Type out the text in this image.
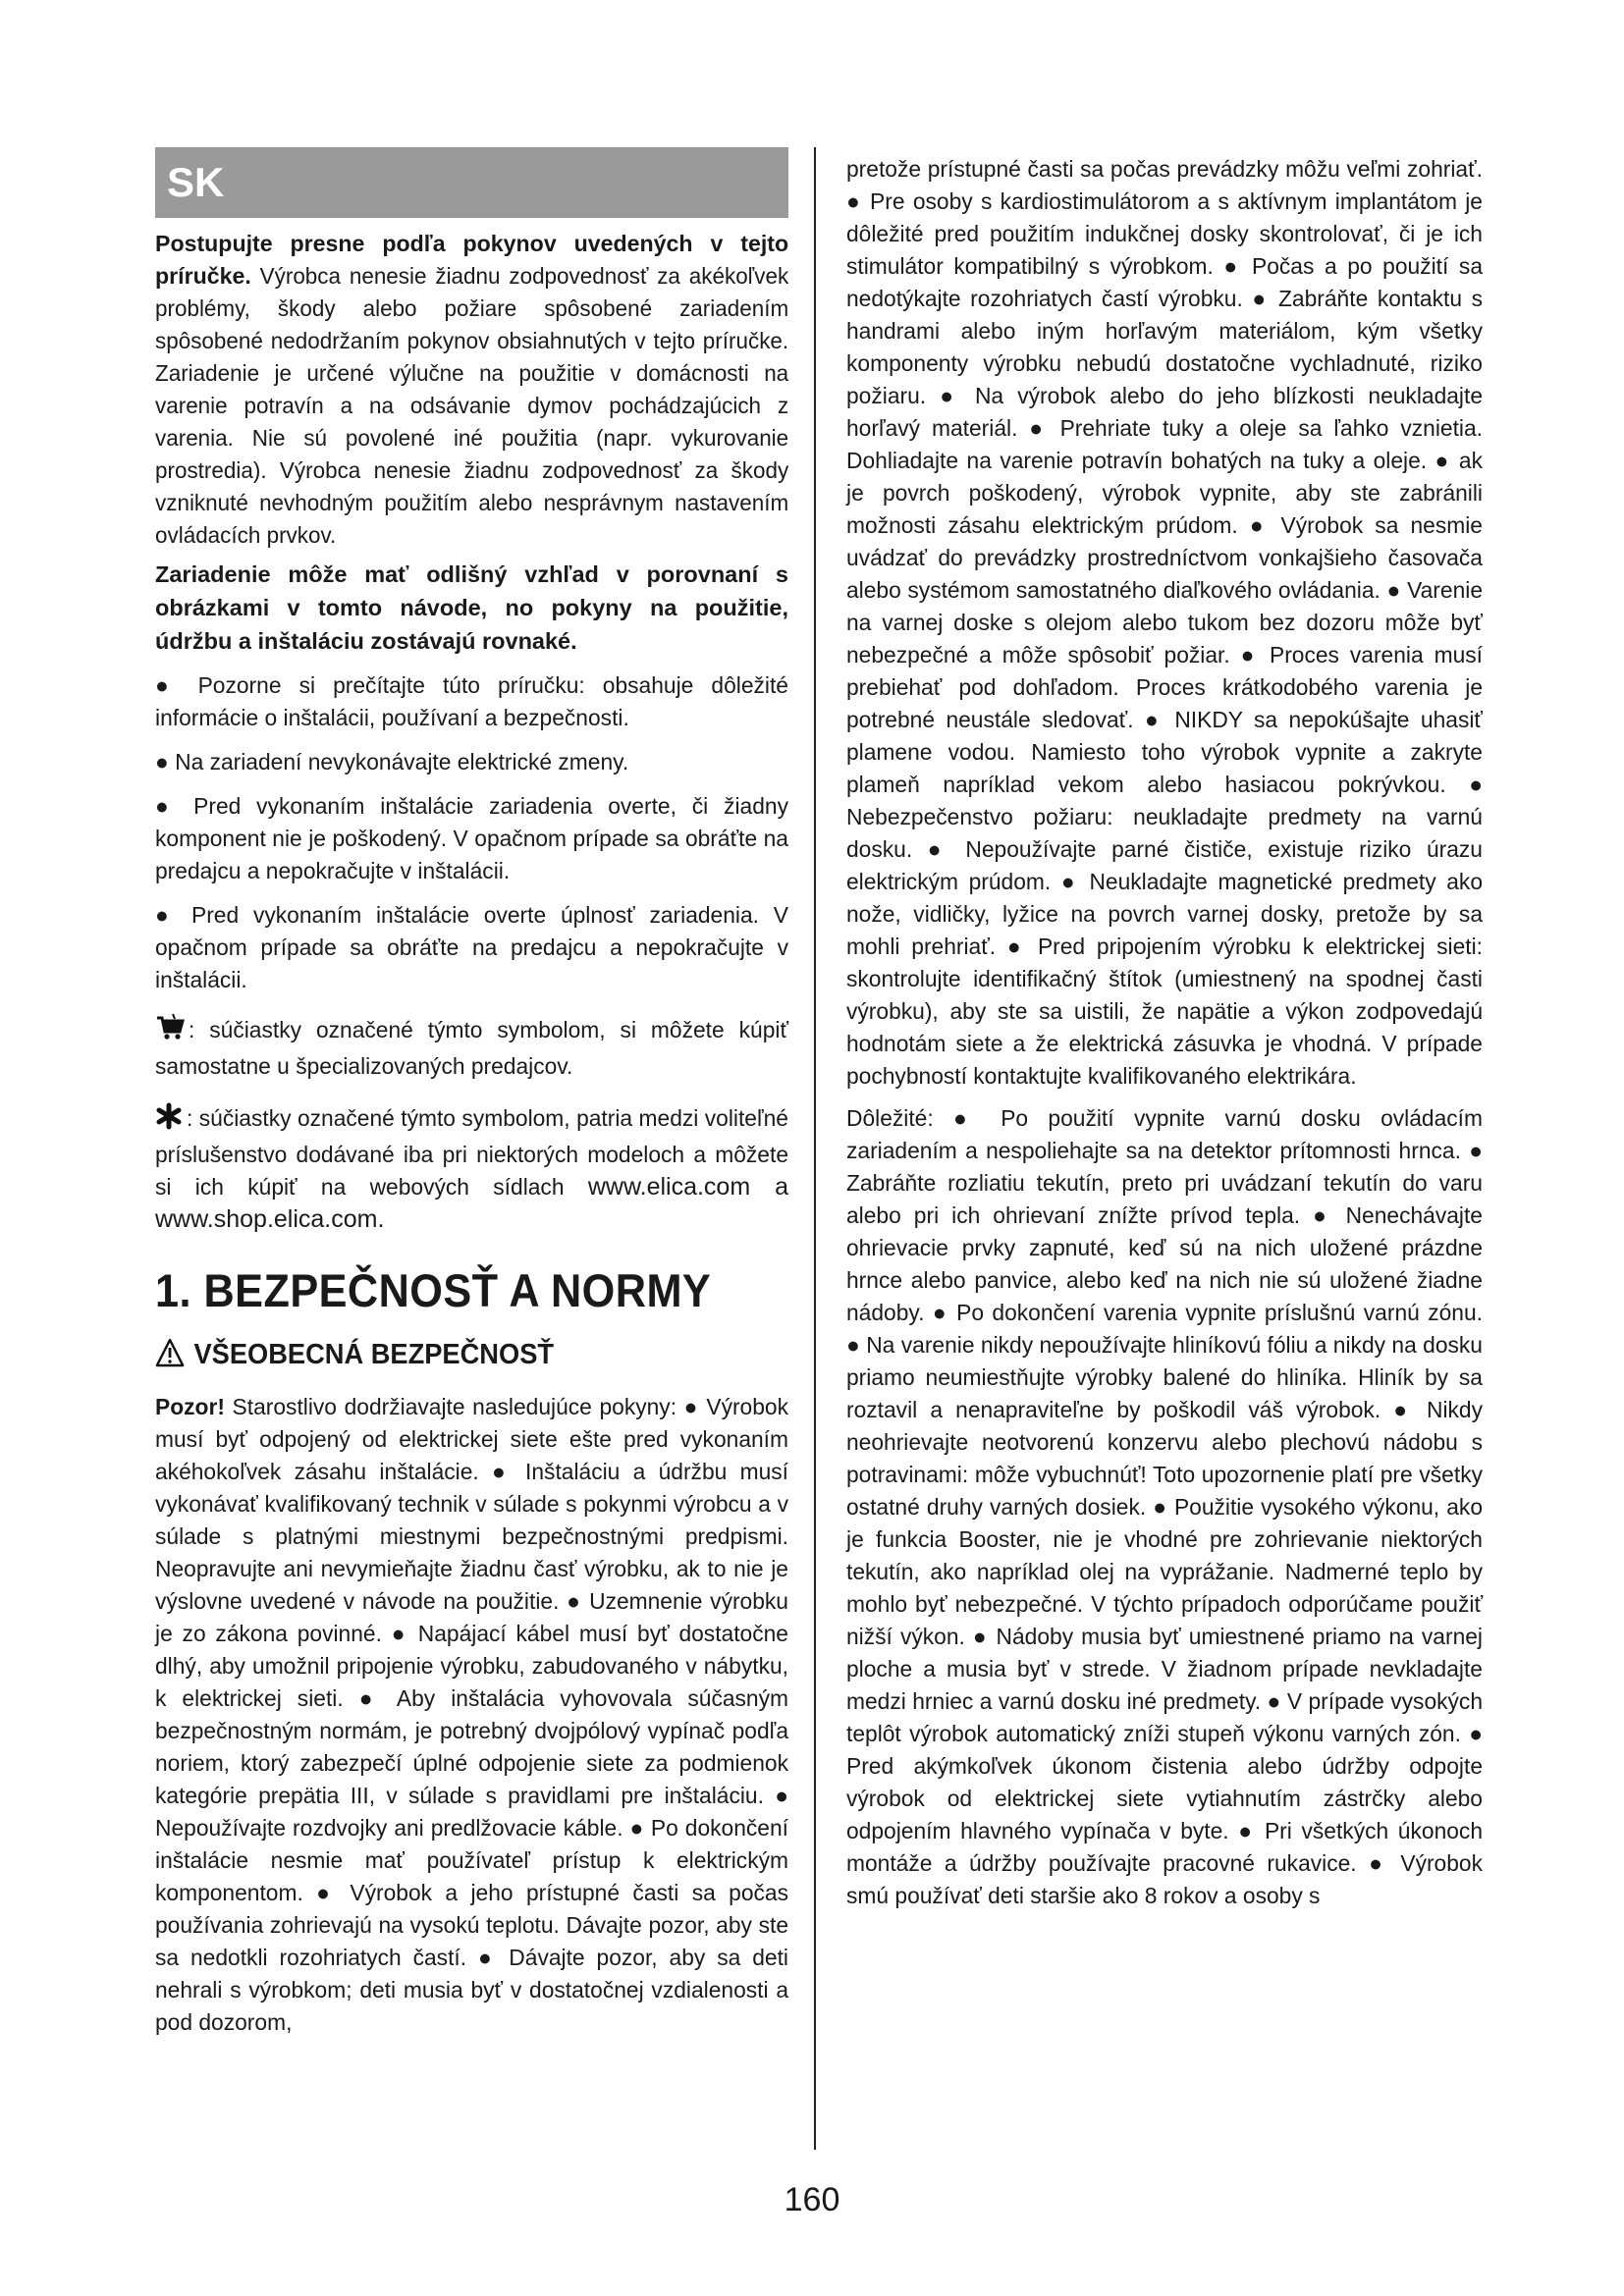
SK

Postupujte presne podľa pokynov uvedených v tejto príručke. Výrobca nenesie žiadnu zodpovednosť za akékoľvek problémy, škody alebo požiare spôsobené zariadením spôsobené nedodržaním pokynov obsiahnutých v tejto príručke. Zariadenie je určené výlučne na použitie v domácnosti na varenie potravín a na odsávanie dymov pochádzajúcich z varenia. Nie sú povolené iné použitia (napr. vykurovanie prostredia). Výrobca nenesie žiadnu zodpovednosť za škody vzniknuté nevhodným použitím alebo nesprávnym nastavením ovládacích prvkov.

Zariadenie môže mať odlišný vzhľad v porovnaní s obrázkami v tomto návode, no pokyny na použitie, údržbu a inštaláciu zostávajú rovnaké.

● Pozorne si prečítajte túto príručku: obsahuje dôležité informácie o inštalácii, používaní a bezpečnosti.

● Na zariadení nevykonávajte elektrické zmeny.

● Pred vykonaním inštalácie zariadenia overte, či žiadny komponent nie je poškodený. V opačnom prípade sa obráťte na predajcu a nepokračujte v inštalácii.

● Pred vykonaním inštalácie overte úplnosť zariadenia. V opačnom prípade sa obráťte na predajcu a nepokračujte v inštalácii.

: súčiastky označené týmto symbolom, si môžete kúpiť samostatne u špecializovaných predajcov.

: súčiastky označené týmto symbolom, patria medzi voliteľné príslušenstvo dodávané iba pri niektorých modeloch a môžete si ich kúpiť na webových sídlach www.elica.com a www.shop.elica.com.

1. BEZPEČNOSŤ A NORMY
VŠEOBECNÁ BEZPEČNOSŤ

Pozor! Starostlivo dodržiavajte nasledujúce pokyny: ● Výrobok musí byť odpojený od elektrickej siete ešte pred vykonaním akéhokoľvek zásahu inštalácie. ● Inštaláciu a údržbu musí vykonávať kvalifikovaný technik v súlade s pokynmi výrobcu a v súlade s platnými miestnymi bezpečnostnými predpismi. Neopravujte ani nevymieňajte žiadnu časť výrobku, ak to nie je výslovne uvedené v návode na použitie. ● Uzemnenie výrobku je zo zákona povinné. ● Napájací kábel musí byť dostatočne dlhý, aby umožnil pripojenie výrobku, zabudovaného v nábytku, k elektrickej sieti. ● Aby inštalácia vyhovovala súčasným bezpečnostným normám, je potrebný dvojpólový vypínač podľa noriem, ktorý zabezpečí úplné odpojenie siete za podmienok kategórie prepätia III, v súlade s pravidlami pre inštaláciu. ● Nepoužívajte rozdvojky ani predlžovacie káble. ● Po dokončení inštalácie nesmie mať používateľ prístup k elektrickým komponentom. ● Výrobok a jeho prístupné časti sa počas používania zohrievajú na vysokú teplotu. Dávajte pozor, aby ste sa nedotkli rozohriatych častí. ● Dávajte pozor, aby sa deti nehrali s výrobkom; deti musia byť v dostatočnej vzdialenosti a pod dozorom,

pretože prístupné časti sa počas prevádzky môžu veľmi zohriať. ● Pre osoby s kardiostimulátorom a s aktívnym implantátom je dôležité pred použitím indukčnej dosky skontrolovať, či je ich stimulátor kompatibilný s výrobkom. ● Počas a po použití sa nedotýkajte rozohriatych častí výrobku. ● Zabráňte kontaktu s handrami alebo iným horľavým materiálom, kým všetky komponenty výrobku nebudú dostatočne vychladnuté, riziko požiaru. ● Na výrobok alebo do jeho blízkosti neukladajte horľavý materiál. ● Prehriate tuky a oleje sa ľahko vznietia. Dohliadajte na varenie potravín bohatých na tuky a oleje. ● ak je povrch poškodený, výrobok vypnite, aby ste zabránili možnosti zásahu elektrickým prúdom. ● Výrobok sa nesmie uvádzať do prevádzky prostredníctvom vonkajšieho časovača alebo systémom samostatného diaľkového ovládania. ● Varenie na varnej doske s olejom alebo tukom bez dozoru môže byť nebezpečné a môže spôsobiť požiar. ● Proces varenia musí prebiehať pod dohľadom. Proces krátkodobého varenia je potrebné neustále sledovať. ● NIKDY sa nepokúšajte uhasiť plamene vodou. Namiesto toho výrobok vypnite a zakryte plameň napríklad vekom alebo hasiacou pokrývkou. ● Nebezpečenstvo požiaru: neukladajte predmety na varnú dosku. ● Nepoužívajte parné čističe, existuje riziko úrazu elektrickým prúdom. ● Neukladajte magnetické predmety ako nože, vidličky, lyžice na povrch varnej dosky, pretože by sa mohli prehriať. ● Pred pripojením výrobku k elektrickej sieti: skontrolujte identifikačný štítok (umiestnený na spodnej časti výrobku), aby ste sa uistili, že napätie a výkon zodpovedajú hodnotám siete a že elektrická zásuvka je vhodná. V prípade pochybností kontaktujte kvalifikovaného elektrikára.

Dôležité: ● Po použití vypnite varnú dosku ovládacím zariadením a nespoliehajte sa na detektor prítomnosti hrnca. ● Zabráňte rozliatiu tekutín, preto pri uvádzaní tekutín do varu alebo pri ich ohrievaní znížte prívod tepla. ● Nenechávajte ohrievacie prvky zapnuté, keď sú na nich uložené prázdne hrnce alebo panvice, alebo keď na nich nie sú uložené žiadne nádoby. ● Po dokončení varenia vypnite príslušnú varnú zónu. ● Na varenie nikdy nepoužívajte hliníkovú fóliu a nikdy na dosku priamo neumiestňujte výrobky balené do hliníka. Hliník by sa roztavil a nenapraviteľne by poškodil váš výrobok. ● Nikdy neohrievajte neotvorenú konzervu alebo plechovú nádobu s potravinami: môže vybuchnúť! Toto upozornenie platí pre všetky ostatné druhy varných dosiek. ● Použitie vysokého výkonu, ako je funkcia Booster, nie je vhodné pre zohrievanie niektorých tekutín, ako napríklad olej na vyprážanie. Nadmerné teplo by mohlo byť nebezpečné. V týchto prípadoch odporúčame použiť nižší výkon. ● Nádoby musia byť umiestnené priamo na varnej ploche a musia byť v strede. V žiadnom prípade nevkladajte medzi hrniec a varnú dosku iné predmety. ● V prípade vysokých teplôt výrobok automatický zníži stupeň výkonu varných zón. ● Pred akýmkoľvek úkonom čistenia alebo údržby odpojte výrobok od elektrickej siete vytiahnutím zástrčky alebo odpojením hlavného vypínača v byte. ● Pri všetkých úkonoch montáže a údržby používajte pracovné rukavice. ● Výrobok smú používať deti staršie ako 8 rokov a osoby s

160
